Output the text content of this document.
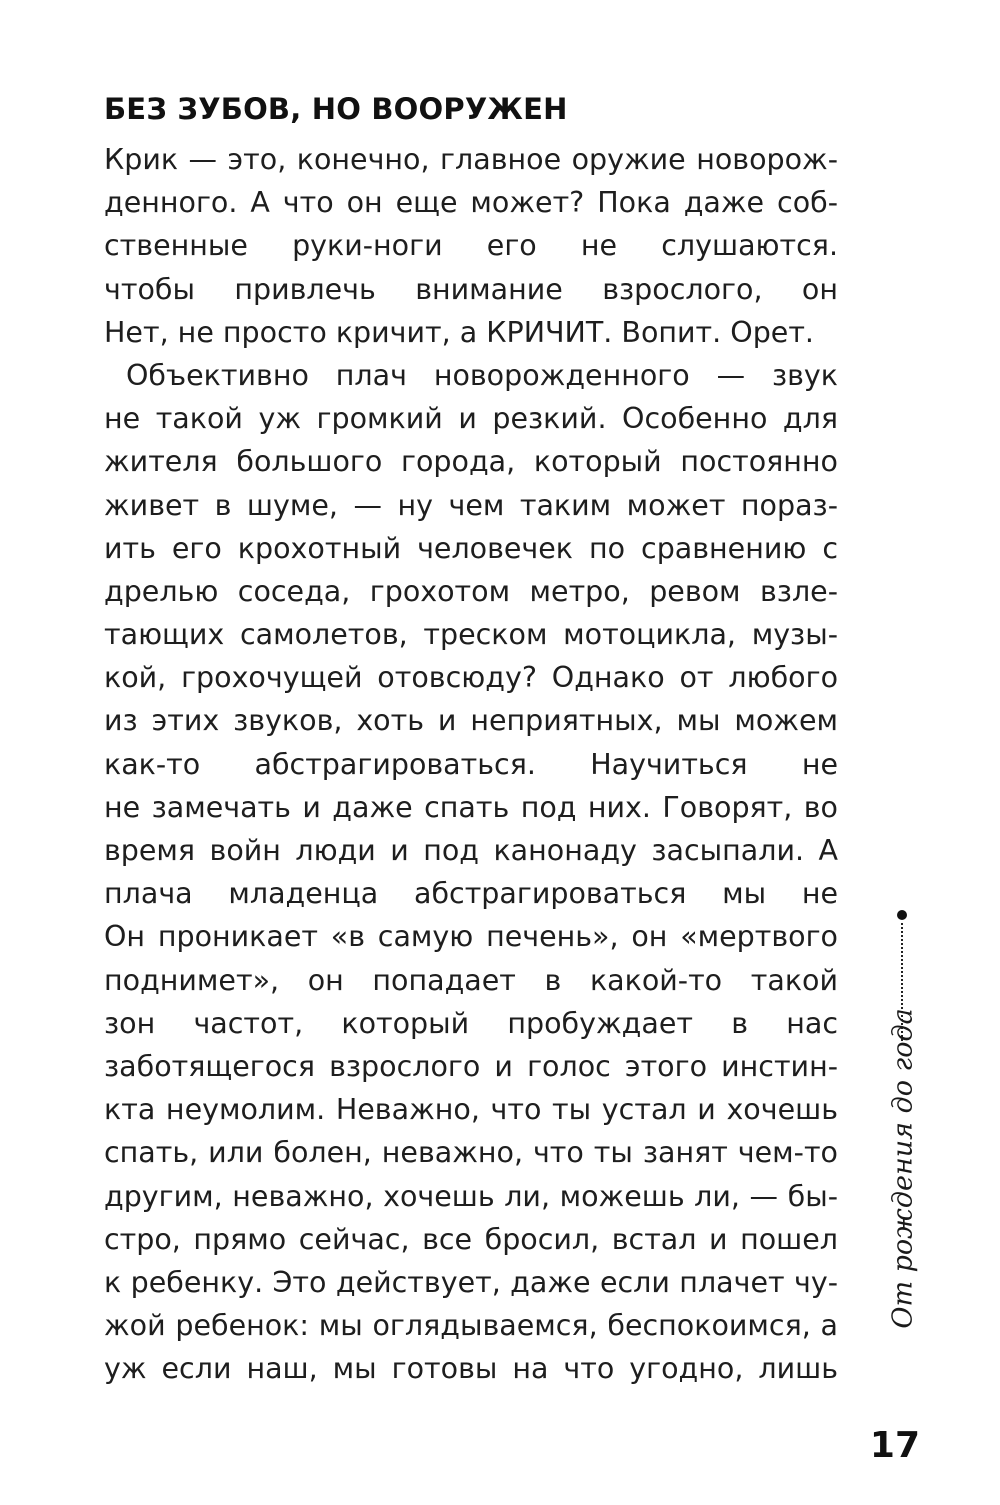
БЕЗ ЗУБОВ, НО ВООРУЖЕН
Крик — это, конечно, главное оружие новорож-
денного. А что он еще может? Пока даже соб-
ственные руки-ноги его не слушаются.
чтобы привлечь внимание взрослого, он
Нет, не просто кричит, а КРИЧИТ. Вопит. Орет.
Объективно плач новорожденного — звук
не такой уж громкий и резкий. Особенно для
жителя большого города, который постоянно
живет в шуме, — ну чем таким может пораз-
ить его крохотный человечек по сравнению с
дрелью соседа, грохотом метро, ревом взле-
тающих самолетов, треском мотоцикла, музы-
кой, грохочущей отовсюду? Однако от любого
из этих звуков, хоть и неприятных, мы можем
как-то абстрагироваться. Научиться не
не замечать и даже спать под них. Говорят, во
время войн люди и под канонаду засыпали. А
плача младенца абстрагироваться мы не
Он проникает «в самую печень», он «мертвого
поднимет», он попадает в какой-то такой
зон частот, который пробуждает в нас
заботящегося взрослого и голос этого инстин-
кта неумолим. Неважно, что ты устал и хочешь
спать, или болен, неважно, что ты занят чем-то
другим, неважно, хочешь ли, можешь ли, — бы-
стро, прямо сейчас, все бросил, встал и пошел
к ребенку. Это действует, даже если плачет чу-
жой ребенок: мы оглядываемся, беспокоимся, а
уж если наш, мы готовы на что угодно, лишь
От рождения до года
17
